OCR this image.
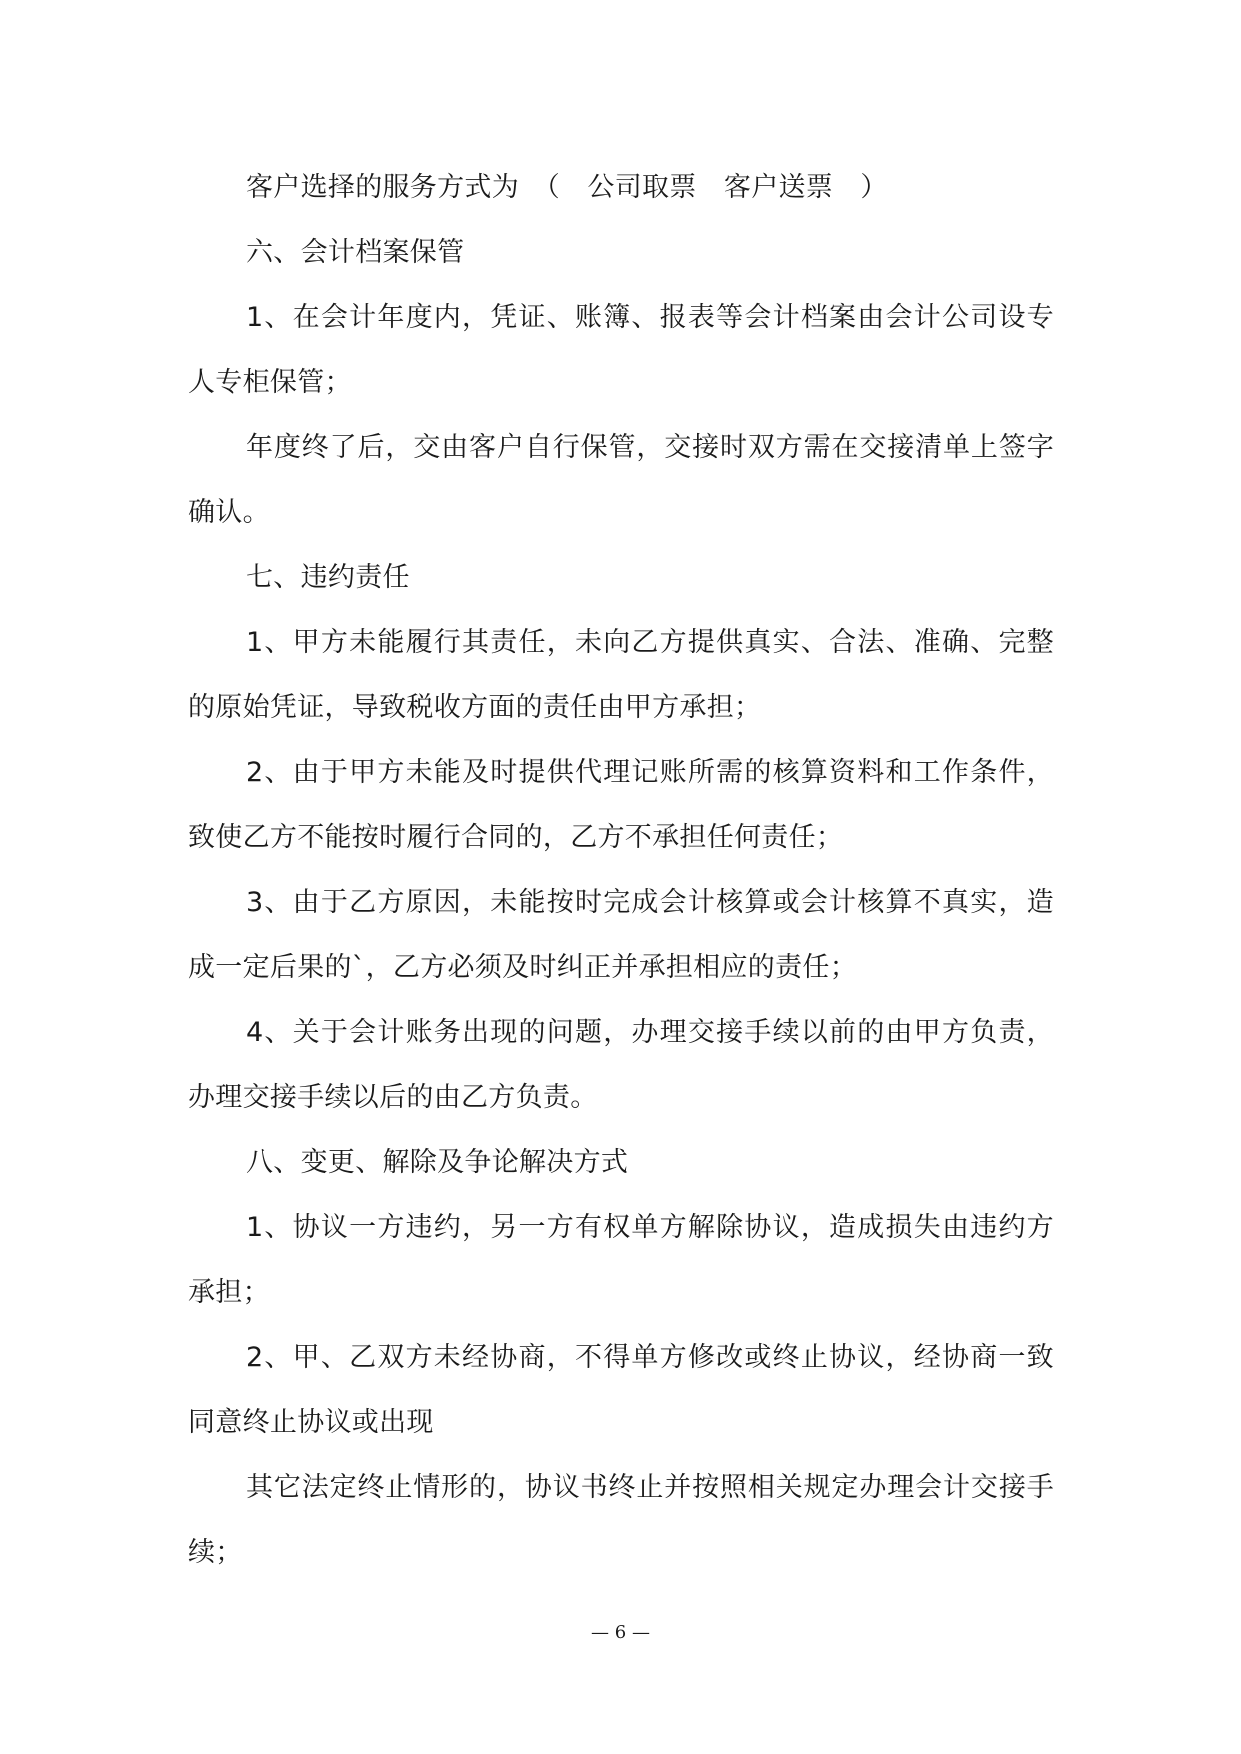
客户选择的服务方式为　（　公司取票　客户送票　）

六、会计档案保管

1、在会计年度内，凭证、账簿、报表等会计档案由会计公司设专人专柜保管；

年度终了后，交由客户自行保管，交接时双方需在交接清单上签字确认。

七、违约责任

1、甲方未能履行其责任，未向乙方提供真实、合法、准确、完整的原始凭证，导致税收方面的责任由甲方承担；

2、由于甲方未能及时提供代理记账所需的核算资料和工作条件，致使乙方不能按时履行合同的，乙方不承担任何责任；

3、由于乙方原因，未能按时完成会计核算或会计核算不真实，造成一定后果的`，乙方必须及时纠正并承担相应的责任；

4、关于会计账务出现的问题，办理交接手续以前的由甲方负责，办理交接手续以后的由乙方负责。

八、变更、解除及争论解决方式

1、协议一方违约，另一方有权单方解除协议，造成损失由违约方承担；

2、甲、乙双方未经协商，不得单方修改或终止协议，经协商一致同意终止协议或出现

其它法定终止情形的，协议书终止并按照相关规定办理会计交接手续；

— 6 —
